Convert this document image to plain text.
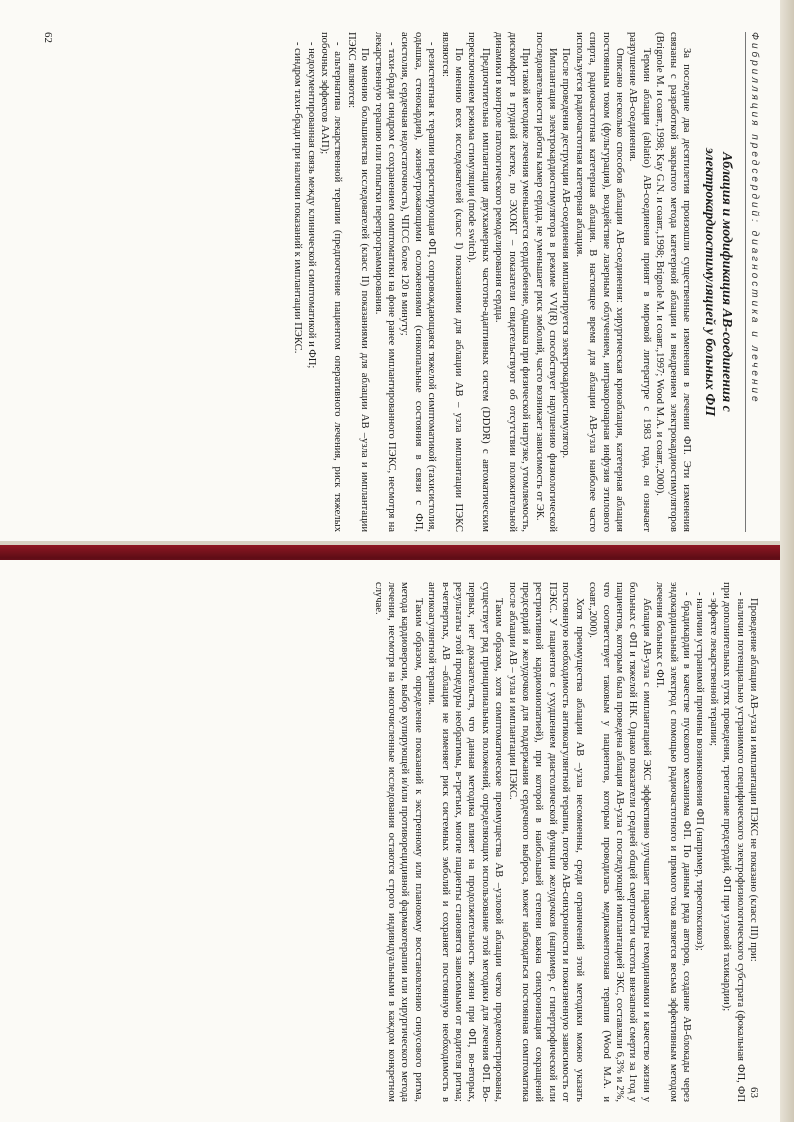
Фибрилляция предсердий: диагностика и лечение
Аблация и модификация АВ-соединения с
электрокардиостимуляцией у больных ФП

За последние два десятилетия произошли существенные изменения в лечении ФП. Эти изменения связаны с разработкой закрытого метода катетерной аблации и внедрением электрокардиостимуляторов (Brignole M. и соавт.,1998; Kay G.N. и соавт.,1998; Brignole M. и соавт.,1997; Wood M.A. и соавт.,2000).

Термин аблация (ablatio) АВ-соединения принят в мировой литературе с 1983 года, он означает разрушение АВ-соединения.

Описано несколько способов аблации АВ-соединения: хирургическая криоаблация, катетерная аблация постоянным током (фульгурация), воздействие лазерным облучением, интракоронарная инфузия этилового спирта, радиочастотная катетерная аблация. В настоящее время для аблации АВ-узла наиболее часто используется радиочастотная катетерная аблация.

После проведения деструкции АВ-соединения имплантируется электрокардиостимулятор.

Имплантация электрокардиостимулятора в режиме VVI(R) способствует нарушению физиологической последовательности работы камер сердца, не уменьшает риск эмболий, часто возникает зависимость от ЭК.

При такой методике лечения уменьшается сердцебиение, одышка при физической нагрузке, утомляемость, дискомфорт в грудной клетке, по ЭХОКГ – показатели свидетельствуют об отсутствии положительной динамики в контроле патологического ремоделирования сердца.

Предпочтительна имплантация двухкамерных частотно-адаптивных систем (DDDR) с автоматическим переключением режима стимуляции (mode switch).

По мнению всех исследователей (класс I) показаниями для аблации АВ – узла имплантации ПЭКС являются:

- резистентная к терапии персистирующая ФП, сопровождающаяся тяжелой симптоматикой (тахисистолия, одышка, стенокардия), жизнеугрожающими осложнениями (синкопальные состояния в связи с ФП, асистолия, сердечная недостаточность), ЧПСС более 120 в минуту;

- тахи-бради синдром с сохранением симптоматики на фоне ранее имплантированного ПЭКС, несмотря на лекарственную терапию или попытки перепрограммирования.

По мнению большинства исследователей (класс II) показаниями для аблации АВ –узла и имплантации ПЭКС являются:

- альтернатива лекарственной терапии (предпочтение пациентом оперативного лечения, риск тяжелых побочных эффектов ААП);

- недокументированная связь между клинической симптоматикой и ФП;

- синдром тахи-бради при наличии показаний к имплантации ПЭКС.

62
63

Проведение аблации АВ–узла и имплантации ПЭКС не показано (класс III) при:

- наличии потенциально устранимого специфического электрофизиологического субстрата (фокальная ФП, ФП при дополнительных путях проведения, трепетание предсердий, ФП при узловой тахикардии);

- эффекте лекарственной терапии;

- наличии устранимой причины возникновения ФП (например, тиреотоксикоз);

- брадикардии в качестве пускового механизма ФП. По данным ряда авторов, создание АВ-блокады через эндокардиальный электрод с помощью радиочастотного и прямого тока является весьма эффективным методом лечения больных с ФП.

Аблация АВ-узла с имплантацией ЭКС эффективно улучшает параметры гемодинамики и качество жизни у больных с ФП и тяжелой НК. Однако показатели средней общей смертности частоты внезапной смерти за 1год у пациентов, которым была проведена аблация АВ-узла с последующей имплантацией ЭКС, составляли 6,3% и 2%, что соответствует таковым у пациентов, которым проводилась медикаментозная терапия (Wood M.A. и соавт.,2000).

Хотя преимущества аблации АВ –узла несомненны, среди ограничений этой методики можно указать постоянную необходимость антикоагулянтной терапии, потерю АВ-синхронности и пожизненную зависимость от ПЭКС. У пациентов с ухудшением диастолической функции желудочков (например, с гипертрофической или рестриктивной кардиомиопатией), при которой в наибольшей степени важна синхронизация сокращений предсердий и желудочков для поддержания сердечного выброса, может наблюдаться постоянная симптоматика после аблации АВ – узла и имплантации ПЭКС.

Таким образом, хотя симптоматические преимущества АВ –узловой аблации четко продемонстрированы, существует ряд принципиальных положений, определяющих использование этой методики для лечения ФП. Во-первых, нет доказательств, что данная методика влияет на продолжительность жизни при ФП, во-вторых, результаты этой процедуры необратимы, в-третьих, многие пациенты становятся зависимыми от водителя ритма; в-четвертых, АВ –аблация не изменяет риск системных эмболий и сохраняет постоянную необходимость в антикоагулянтной терапии.

Таким образом, определение показаний к экстренному или плановому восстановлению синусового ритма, метода кардиоверсии, выбор купирующей и/или противорецидивной фармакотерапии или хирургического метода лечения, несмотря на многочисленные исследования остаются строго индивидуальными в каждом конкретном случае.
